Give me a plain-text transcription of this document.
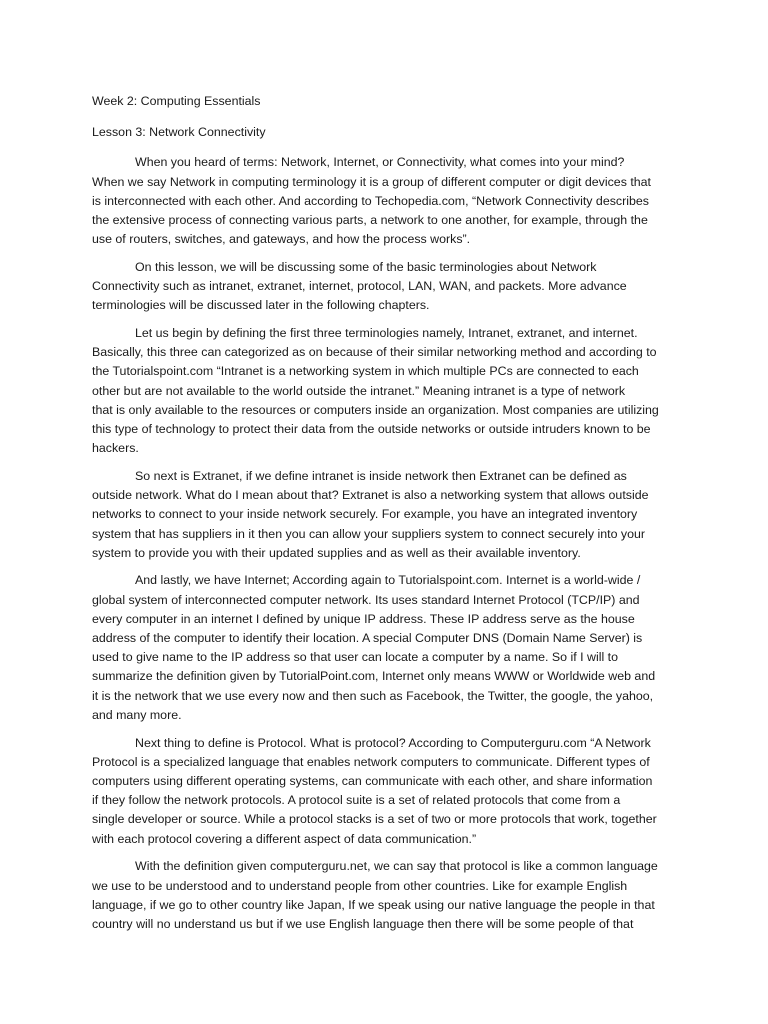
Week 2: Computing Essentials
Lesson 3: Network Connectivity
When you heard of terms: Network, Internet, or Connectivity, what comes into your mind?
When we say Network in computing terminology it is a group of different computer or digit devices that
is interconnected with each other. And according to Techopedia.com, “Network Connectivity describes
the extensive process of connecting various parts, a network to one another, for example, through the
use of routers, switches, and gateways, and how the process works”.
On this lesson, we will be discussing some of the basic terminologies about Network
Connectivity such as intranet, extranet, internet, protocol, LAN, WAN, and packets. More advance
terminologies will be discussed later in the following chapters.
Let us begin by defining the first three terminologies namely, Intranet, extranet, and internet.
Basically, this three can categorized as on because of their similar networking method and according to
the Tutorialspoint.com “Intranet is a networking system in which multiple PCs are connected to each
other but are not available to the world outside the intranet.” Meaning intranet is a type of network
that is only available to the resources or computers inside an organization. Most companies are utilizing
this type of technology to protect their data from the outside networks or outside intruders known to be
hackers.
So next is Extranet, if we define intranet is inside network then Extranet can be defined as
outside network. What do I mean about that? Extranet is also a networking system that allows outside
networks to connect to your inside network securely. For example, you have an integrated inventory
system that has suppliers in it then you can allow your suppliers system to connect securely into your
system to provide you with their updated supplies and as well as their available inventory.
And lastly, we have Internet; According again to Tutorialspoint.com. Internet is a world-wide /
global system of interconnected computer network. Its uses standard Internet Protocol (TCP/IP) and
every computer in an internet I defined by unique IP address. These IP address serve as the house
address of the computer to identify their location. A special Computer DNS (Domain Name Server) is
used to give name to the IP address so that user can locate a computer by a name. So if I will to
summarize the definition given by TutorialPoint.com, Internet only means WWW or Worldwide web and
it is the network that we use every now and then such as Facebook, the Twitter, the google, the yahoo,
and many more.
Next thing to define is Protocol. What is protocol? According to Computerguru.com “A Network
Protocol is a specialized language that enables network computers to communicate. Different types of
computers using different operating systems, can communicate with each other, and share information
if they follow the network protocols. A protocol suite is a set of related protocols that come from a
single developer or source. While a protocol stacks is a set of two or more protocols that work, together
with each protocol covering a different aspect of data communication.”
With the definition given computerguru.net, we can say that protocol is like a common language
we use to be understood and to understand people from other countries. Like for example English
language, if we go to other country like Japan, If we speak using our native language the people in that
country will no understand us but if we use English language then there will be some people of that
